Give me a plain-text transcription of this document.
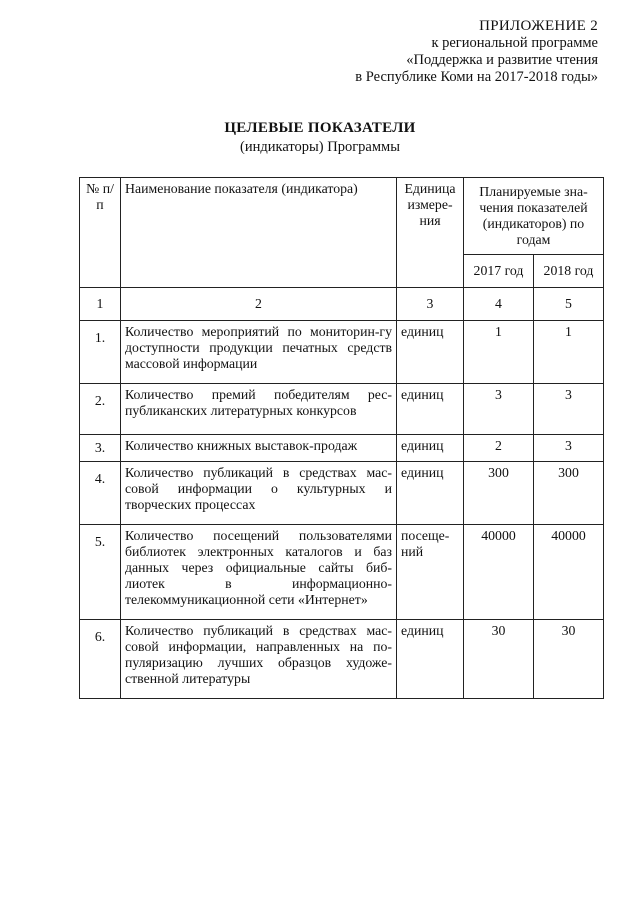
ПРИЛОЖЕНИЕ 2
к региональной программе
«Поддержка и развитие чтения
в Республике Коми на 2017-2018 годы»
ЦЕЛЕВЫЕ ПОКАЗАТЕЛИ
(индикаторы) Программы
№ п/п	Наименование показателя (индикатора)	Единица измере-ния	Планируемые зна-чения показателей (индикаторов) по годам	
			2017 год	2018 год
1	2	3	4	5
1.	Количество мероприятий по мониторин-гу доступности продукции печатных средств массовой информации	единиц	1	1
2.	Количество премий победителям рес-публиканских литературных конкурсов	единиц	3	3
3.	Количество книжных выставок-продаж	единиц	2	3
4.	Количество публикаций в средствах мас-совой информации о культурных и творческих процессах	единиц	300	300
5.	Количество посещений пользователями библиотек электронных каталогов и баз данных через официальные сайты биб-лиотек в информационно-телекоммуникационной сети «Интернет»	посеще-ний	40000	40000
6.	Количество публикаций в средствах мас-совой информации, направленных на по-пуляризацию лучших образцов художе-ственной литературы	единиц	30	30
